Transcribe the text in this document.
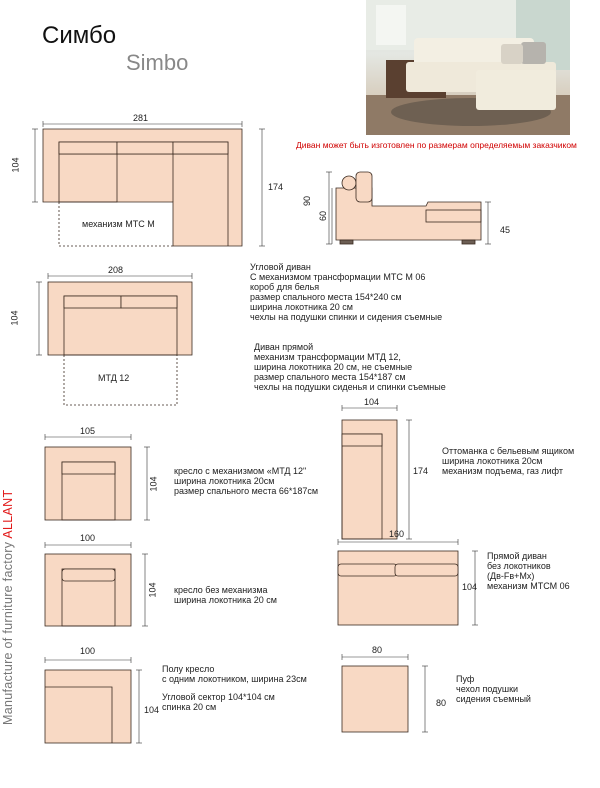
Симбо
Simbo
Диван может быть изготовлен по размерам определяемым заказчиком
281
104
174
механизм МТС М
90
60
45
Угловой диван
С механизмом трансформации МТС М 06
короб для белья
размер спального места 154*240 см
ширина локотника 20 см
чехлы на подушки спинки и сидения съемные
208
104
МТД 12
Диван прямой
механизм трансформации МТД 12,
ширина локотника 20 см, не съемные
размер спального места 154*187 см
чехлы на подушки сиденья и спинки съемные
105
104
кресло с механизмом «МТД 12"
ширина локотника 20см
размер спального места 66*187см
104
174
Оттоманка с бельевым ящиком
ширина локотника 20см
механизм подъема, газ лифт
100
104 кресло без механизма
ширина локотника 20 см
160
104
Прямой диван
без локотников
(Дв-Fв+Мх)
механизм МТСМ 06
100
104
Полу кресло
с одним локотником, ширина 23см
Угловой сектор 104*104 см
спинка 20 см
80
80
Пуф
чехол подушки
сидения съемный
Manufacture of furniture factory ALLANT
